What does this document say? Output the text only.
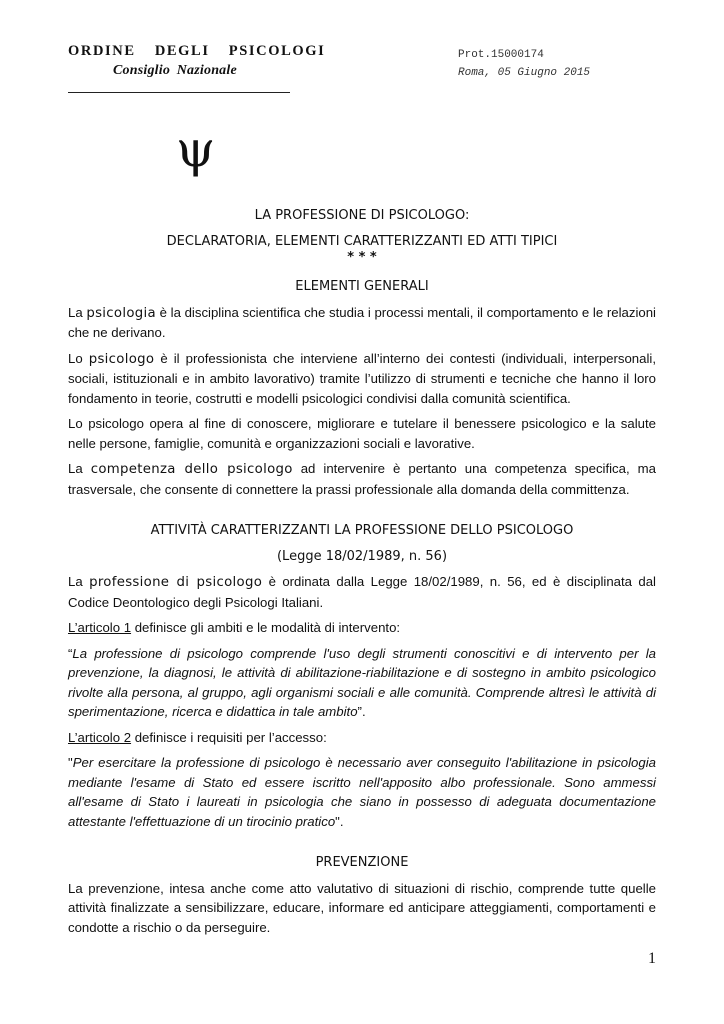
ORDINE DEGLI PSICOLOGI
Consiglio Nazionale
Prot.15000174
Roma, 05 Giugno 2015
ψ
LA PROFESSIONE DI PSICOLOGO:
DECLARATORIA, ELEMENTI CARATTERIZZANTI ED ATTI TIPICI
* * *
ELEMENTI GENERALI

La psicologia è la disciplina scientifica che studia i processi mentali, il comportamento e le relazioni che ne derivano.

Lo psicologo è il professionista che interviene all’interno dei contesti (individuali, interpersonali, sociali, istituzionali e in ambito lavorativo) tramite l’utilizzo di strumenti e tecniche che hanno il loro fondamento in teorie, costrutti e modelli psicologici condivisi dalla comunità scientifica.

Lo psicologo opera al fine di conoscere, migliorare e tutelare il benessere psicologico e la salute nelle persone, famiglie, comunità e organizzazioni sociali e lavorative.

La competenza dello psicologo ad intervenire è pertanto una competenza specifica, ma trasversale, che consente di connettere la prassi professionale alla domanda della committenza.

ATTIVITÀ CARATTERIZZANTI LA PROFESSIONE DELLO PSICOLOGO
(Legge 18/02/1989, n. 56)

La professione di psicologo è ordinata dalla Legge 18/02/1989, n. 56, ed è disciplinata dal Codice Deontologico degli Psicologi Italiani.

L’articolo 1 definisce gli ambiti e le modalità di intervento:

“La professione di psicologo comprende l'uso degli strumenti conoscitivi e di intervento per la prevenzione, la diagnosi, le attività di abilitazione-riabilitazione e di sostegno in ambito psicologico rivolte alla persona, al gruppo, agli organismi sociali e alle comunità. Comprende altresì le attività di sperimentazione, ricerca e didattica in tale ambito”.

L’articolo 2 definisce i requisiti per l’accesso:

"Per esercitare la professione di psicologo è necessario aver conseguito l'abilitazione in psicologia mediante l'esame di Stato ed essere iscritto nell'apposito albo professionale. Sono ammessi all'esame di Stato i laureati in psicologia che siano in possesso di adeguata documentazione attestante l'effettuazione di un tirocinio pratico".

PREVENZIONE

La prevenzione, intesa anche come atto valutativo di situazioni di rischio, comprende tutte quelle attività finalizzate a sensibilizzare, educare, informare ed anticipare atteggiamenti, comportamenti e condotte a rischio o da perseguire.

1
